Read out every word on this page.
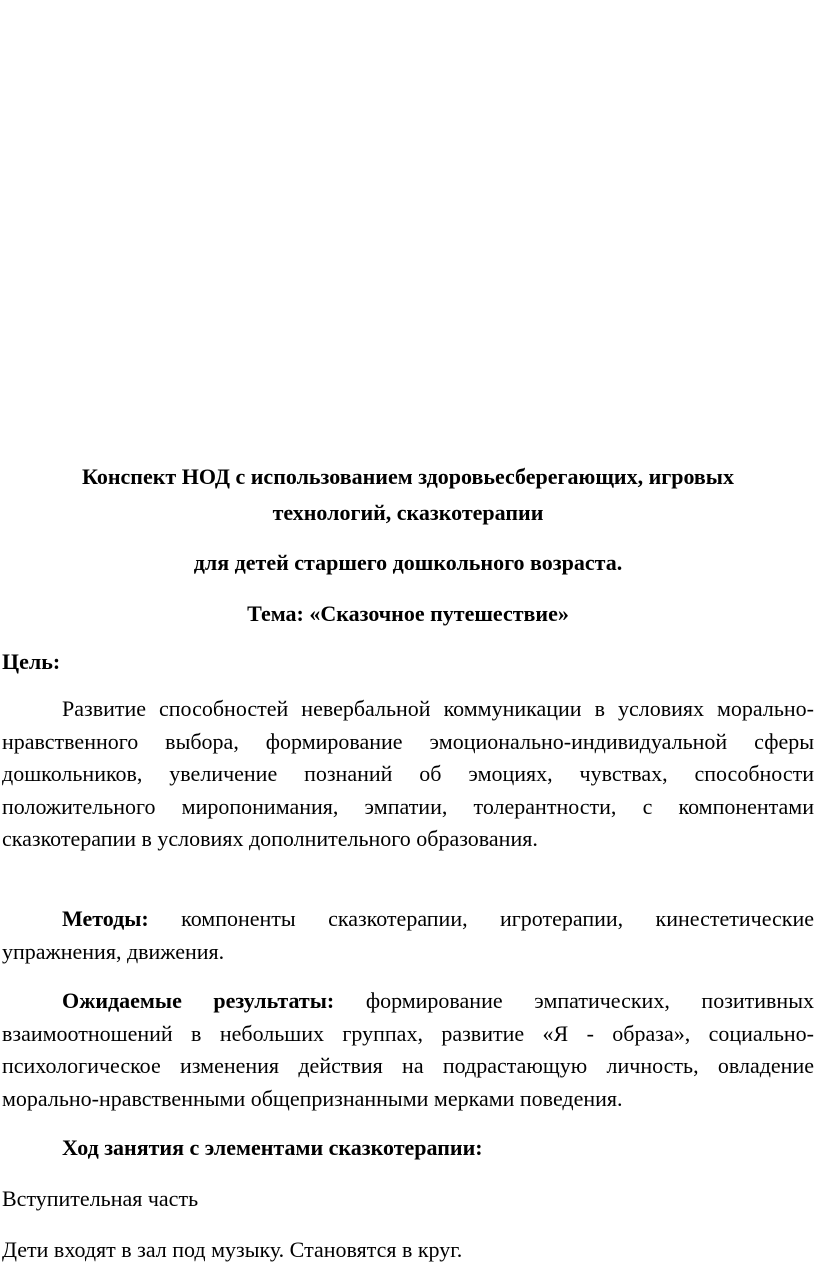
Конспект НОД с использованием здоровьесберегающих, игровых
технологий, сказкотерапии
для детей старшего дошкольного возраста.
Тема: «Сказочное путешествие»
Цель:

Развитие способностей невербальной коммуникации в условиях морально-нравственного выбора, формирование эмоционально-индивидуальной сферы дошкольников, увеличение познаний об эмоциях, чувствах, способности положительного миропонимания, эмпатии, толерантности, с компонентами сказкотерапии в условиях дополнительного образования.

Методы: компоненты сказкотерапии, игротерапии, кинестетические упражнения, движения.

Ожидаемые результаты: формирование эмпатических, позитивных взаимоотношений в небольших группах, развитие «Я - образа», социально-психологическое изменения действия на подрастающую личность, овладение морально-нравственными общепризнанными мерками поведения.

Ход занятия с элементами сказкотерапии:

Вступительная часть

Дети входят в зал под музыку. Становятся в круг.
